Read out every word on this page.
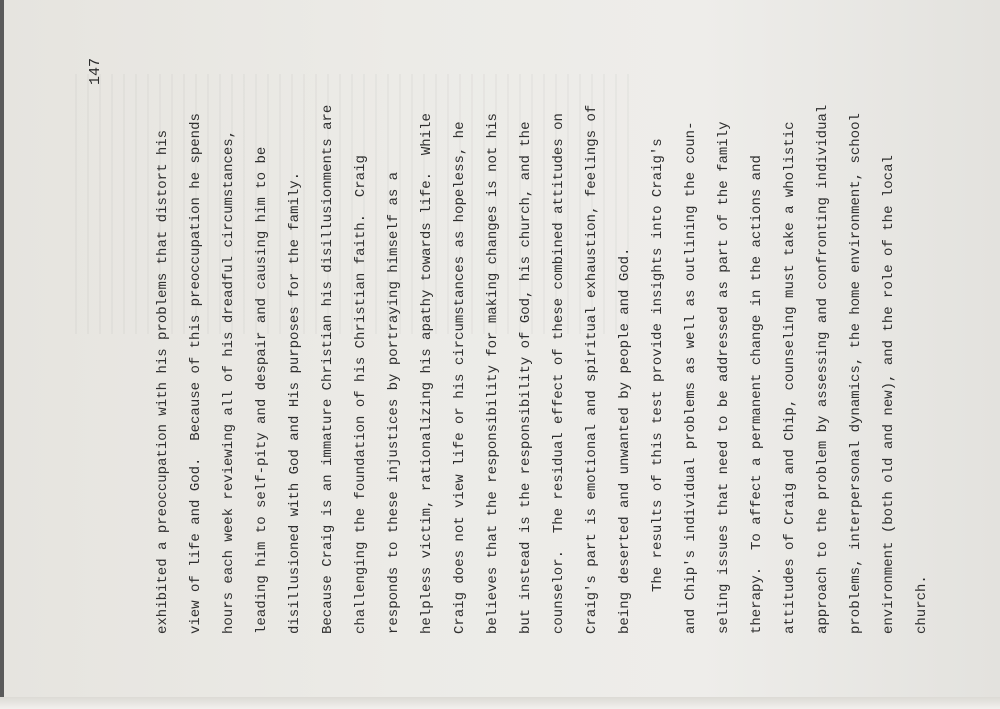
147
exhibited a preoccupation with his problems that distort his	view of life and God.  Because of this preoccupation he spends	hours each week reviewing all of his dreadful circumstances,	leading him to self-pity and despair and causing him to be	disillusioned with God and His purposes for the family.	Because Craig is an immature Christian his disillusionments are	challenging the foundation of his Christian faith.  Craig	responds to these injustices by portraying himself as a	helpless victim, rationalizing his apathy towards life.  While	Craig does not view life or his circumstances as hopeless, he	believes that the responsibility for making changes is not his	but instead is the responsibility of God, his church, and the	counselor.  The residual effect of these combined attitudes on	Craig's part is emotional and spiritual exhaustion, feelings of	being deserted and unwanted by people and God.	The results of this test provide insights into Craig's	and Chip's individual problems as well as outlining the coun-	seling issues that need to be addressed as part of the family	therapy.  To affect a permanent change in the actions and	attitudes of Craig and Chip, counseling must take a wholistic	approach to the problem by assessing and confronting individual	problems, interpersonal dynamics, the home environment, school	environment (both old and new), and the role of the local	church.
